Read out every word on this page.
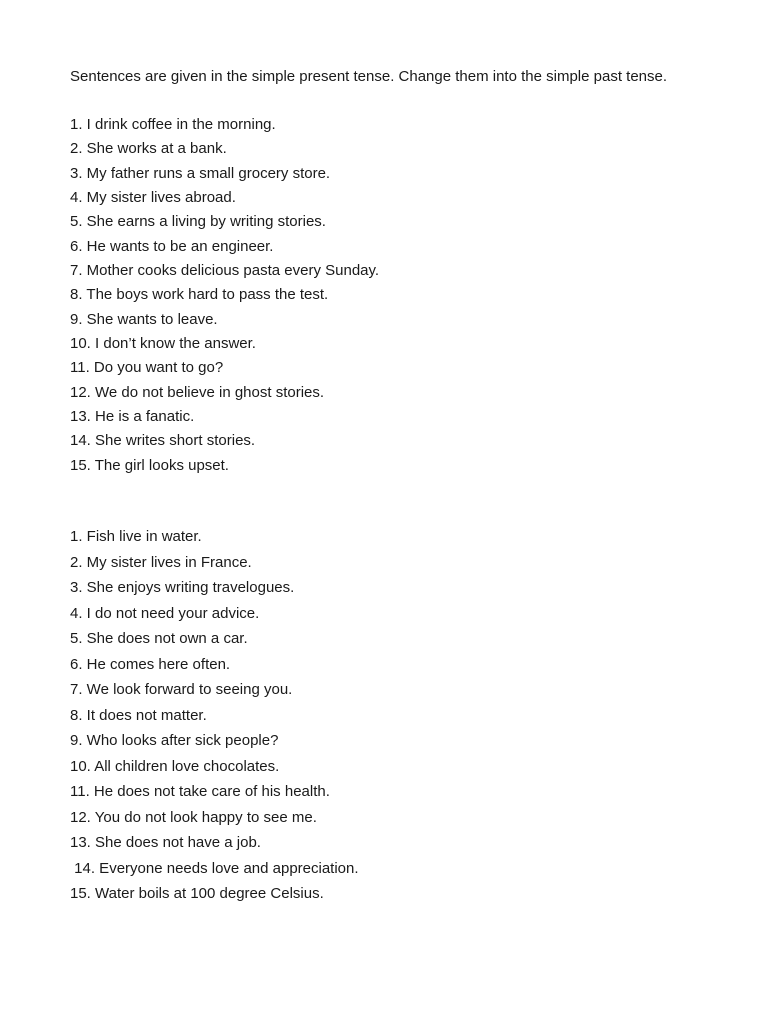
Sentences are given in the simple present tense. Change them into the simple past tense.
1. I drink coffee in the morning.
2. She works at a bank.
3. My father runs a small grocery store.
4. My sister lives abroad.
5. She earns a living by writing stories.
6. He wants to be an engineer.
7. Mother cooks delicious pasta every Sunday.
8. The boys work hard to pass the test.
9. She wants to leave.
10. I don’t know the answer.
11. Do you want to go?
12. We do not believe in ghost stories.
13. He is a fanatic.
14. She writes short stories.
15. The girl looks upset.
1. Fish live in water.
2. My sister lives in France.
3. She enjoys writing travelogues.
4. I do not need your advice.
5. She does not own a car.
6. He comes here often.
7. We look forward to seeing you.
8. It does not matter.
9. Who looks after sick people?
10. All children love chocolates.
11. He does not take care of his health.
12. You do not look happy to see me.
13. She does not have a job.
14. Everyone needs love and appreciation.
15. Water boils at 100 degree Celsius.
